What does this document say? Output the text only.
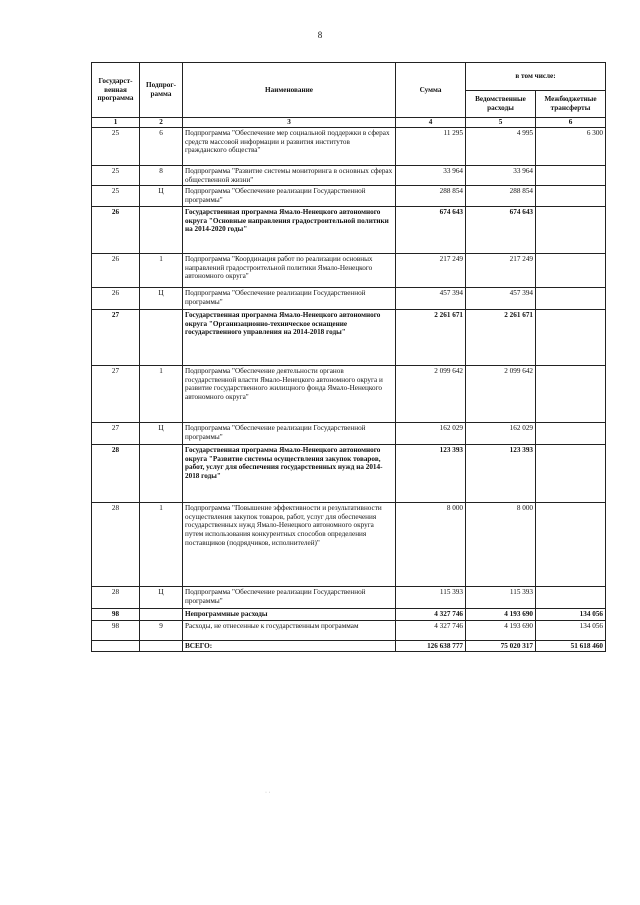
8
Государст-венная программа	Подпрог-рамма	Наименование	Сумма	в том числе:	
				Ведомственные расходы	Межбюджетные трансферты
1	2	3	4	5	6
25	6	Подпрограмма "Обеспечение мер социальной поддержки в сферах средств массовой информации и развития институтов гражданского общества"	11 295	4 995	6 300
25	8	Подпрограмма "Развитие системы мониторинга в основных сферах общественной жизни"	33 964	33 964	
25	Ц	Подпрограмма "Обеспечение реализации Государственной программы"	288 854	288 854	
26		Государственная программа Ямало-Ненецкого автономного округа "Основные направления градостроительной политики на 2014-2020 годы"	674 643	674 643	
26	1	Подпрограмма "Координация работ по реализации основных направлений градостроительной политики Ямало-Ненецкого автономного округа"	217 249	217 249	
26	Ц	Подпрограмма "Обеспечение реализации Государственной программы"	457 394	457 394	
27		Государственная программа Ямало-Ненецкого автономного округа "Организационно-техническое оснащение государственного управления на 2014-2018 годы"	2 261 671	2 261 671	
27	1	Подпрограмма "Обеспечение деятельности органов государственной власти Ямало-Ненецкого автономного округа и развитие государственного жилищного фонда Ямало-Ненецкого автономного округа"	2 099 642	2 099 642	
27	Ц	Подпрограмма "Обеспечение реализации Государственной программы"	162 029	162 029	
28		Государственная программа Ямало-Ненецкого автономного округа "Развитие системы осуществления закупок товаров, работ, услуг для обеспечения государственных нужд на 2014-2018 годы"	123 393	123 393	
28	1	Подпрограмма "Повышение эффективности и результативности осуществления закупок товаров, работ, услуг для обеспечения государственных нужд Ямало-Ненецкого автономного округа путем использования конкурентных способов определения поставщиков (подрядчиков, исполнителей)"	8 000	8 000	
28	Ц	Подпрограмма "Обеспечение реализации Государственной программы"	115 393	115 393	
98		Непрограммные расходы	4 327 746	4 193 690	134 056
98	9	Расходы, не отнесенные к государственным программам	4 327 746	4 193 690	134 056
		ВСЕГО:	126 638 777	75 020 317	51 618 460
· ·
